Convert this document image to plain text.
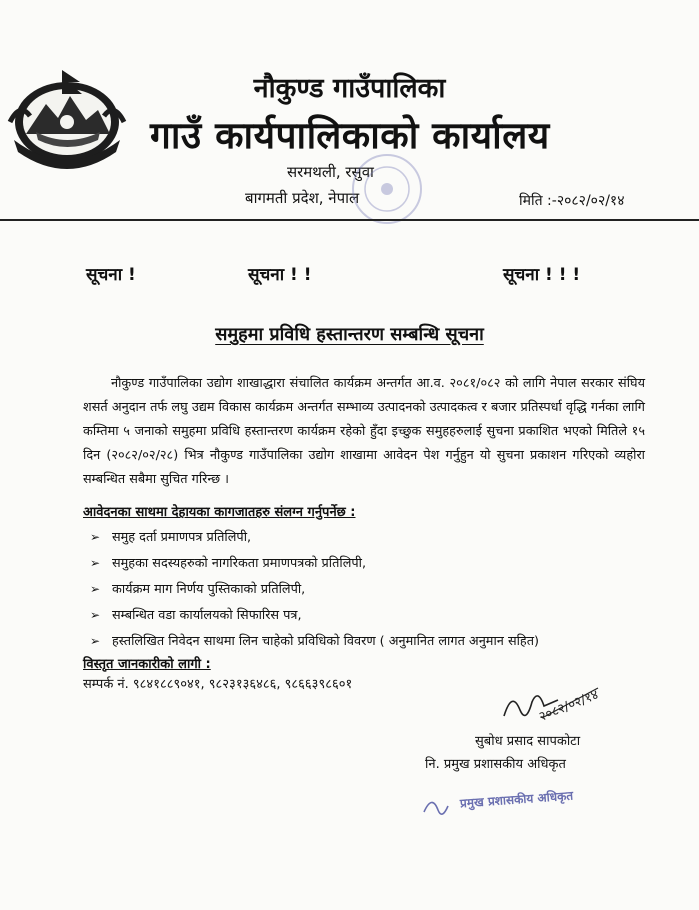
नौकुण्ड गाउँपालिका
गाउँ कार्यपालिकाको कार्यालय
सरमथली, रसुवा
बागमती प्रदेश, नेपाल	मिति :-२०८२/०२/१४
सूचना !	सूचना ! !	सूचना ! ! !
समुहमा प्रविधि हस्तान्तरण सम्बन्धि सूचना
नौकुण्ड गाउँपालिका उद्योग शाखाद्धारा संचालित कार्यक्रम अन्तर्गत आ.व. २०८१/०८२ को लागि नेपाल सरकार संघिय शसर्त अनुदान तर्फ लघु उद्यम विकास कार्यक्रम अन्तर्गत सम्भाव्य उत्पादनको उत्पादकत्व र बजार प्रतिस्पर्धा वृद्धि गर्नका लागि कम्तिमा ५ जनाको समुहमा प्रविधि हस्तान्तरण कार्यक्रम रहेको हुँदा इच्छुक समुहहरुलाई सुचना प्रकाशित भएको मितिले १५ दिन (२०८२/०२/२८) भित्र नौकुण्ड गाउँपालिका उद्योग शाखामा आवेदन पेश गर्नुहुन यो सुचना प्रकाशन गरिएको व्यहोरा सम्बन्धित सबैमा सुचित गरिन्छ ।
आवेदनका साथमा देहायका कागजातहरु संलग्न गर्नुपर्नेछ :
➢ समुह दर्ता प्रमाणपत्र प्रतिलिपी,
➢ समुहका सदस्यहरुको नागरिकता प्रमाणपत्रको प्रतिलिपी,
➢ कार्यक्रम माग निर्णय पुस्तिकाको प्रतिलिपी,
➢ सम्बन्धित वडा कार्यालयको सिफारिस पत्र,
➢ हस्तलिखित निवेदन साथमा लिन चाहेको प्रविधिको विवरण ( अनुमानित लागत अनुमान सहित)
विस्तृत जानकारीको लागी :
सम्पर्क नं. ९८४१८८९०४१, ९८२३१३६४८६, ९८६६३९८६०१
२०८२/०२/१४
सुबोध प्रसाद सापकोटा
नि. प्रमुख प्रशासकीय अधिकृत
प्रमुख प्रशासकीय अधिकृत
